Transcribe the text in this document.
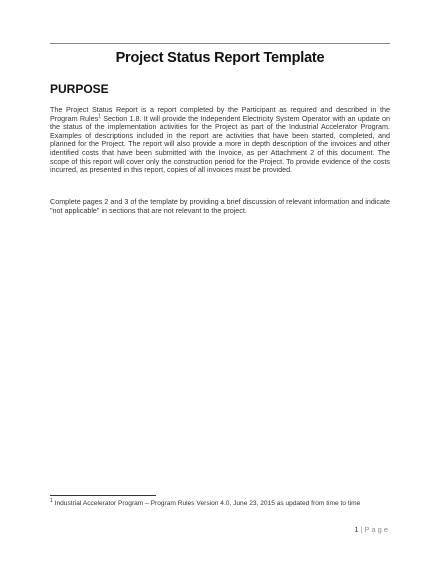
Project Status Report Template
PURPOSE
The Project Status Report is a report completed by the Participant as required and described in the Program Rules$^1$ Section 1.8. It will provide the Independent Electricity System Operator with an update on the status of the implementation activities for the Project as part of the Industrial Accelerator Program. Examples of descriptions included in the report are activities that have been started, completed, and planned for the Project. The report will also provide a more in depth description of the invoices and other identified costs that have been submitted with the Invoice, as per Attachment 2 of this document. The scope of this report will cover only the construction period for the Project. To provide evidence of the costs incurred, as presented in this report, copies of all invoices must be provided.
Complete pages 2 and 3 of the template by providing a brief discussion of relevant information and indicate "not applicable" in sections that are not relevant to the project.
$^1$ Industrial Accelerator Program – Program Rules Version 4.0, June 23, 2015 as updated from time to time
1 | Page
